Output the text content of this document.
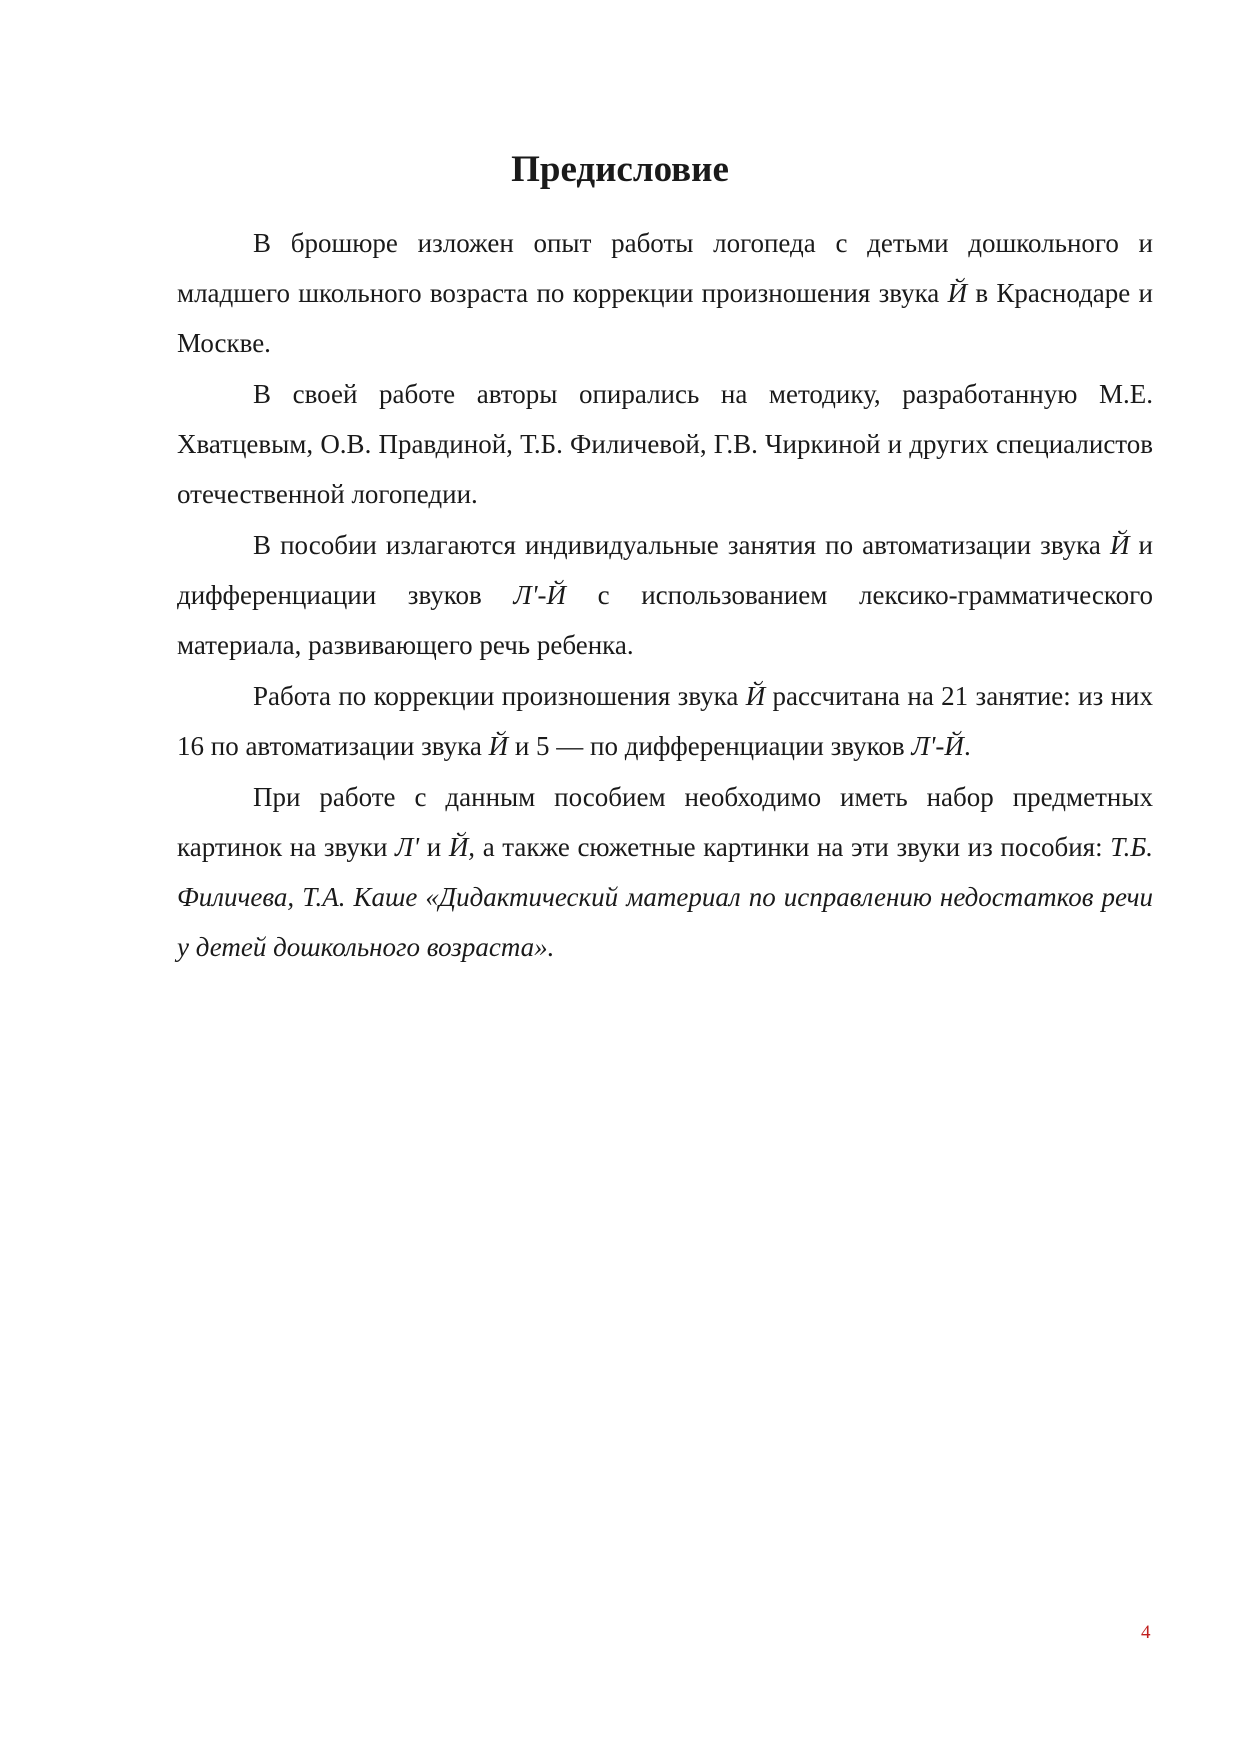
Предисловие

В брошюре изложен опыт работы логопеда с детьми дошкольного и младшего школьного возраста по коррекции произношения звука Й в Краснодаре и Москве.

В своей работе авторы опирались на методику, разработанную М.Е. Хватцевым, О.В. Правдиной, Т.Б. Филичевой, Г.В. Чиркиной и других специалистов отечественной логопедии.

В пособии излагаются индивидуальные занятия по автоматизации звука Й и дифференциации звуков Л'-Й с использованием лексико-грамматического материала, развивающего речь ребенка.

Работа по коррекции произношения звука Й рассчитана на 21 занятие: из них 16 по автоматизации звука Й и 5 — по дифференциации звуков Л'-Й.

При работе с данным пособием необходимо иметь набор предметных картинок на звуки Л' и Й, а также сюжетные картинки на эти звуки из пособия: Т.Б. Филичева, Т.А. Каше «Дидактический материал по исправлению недостатков речи у детей дошкольного возраста».

4
